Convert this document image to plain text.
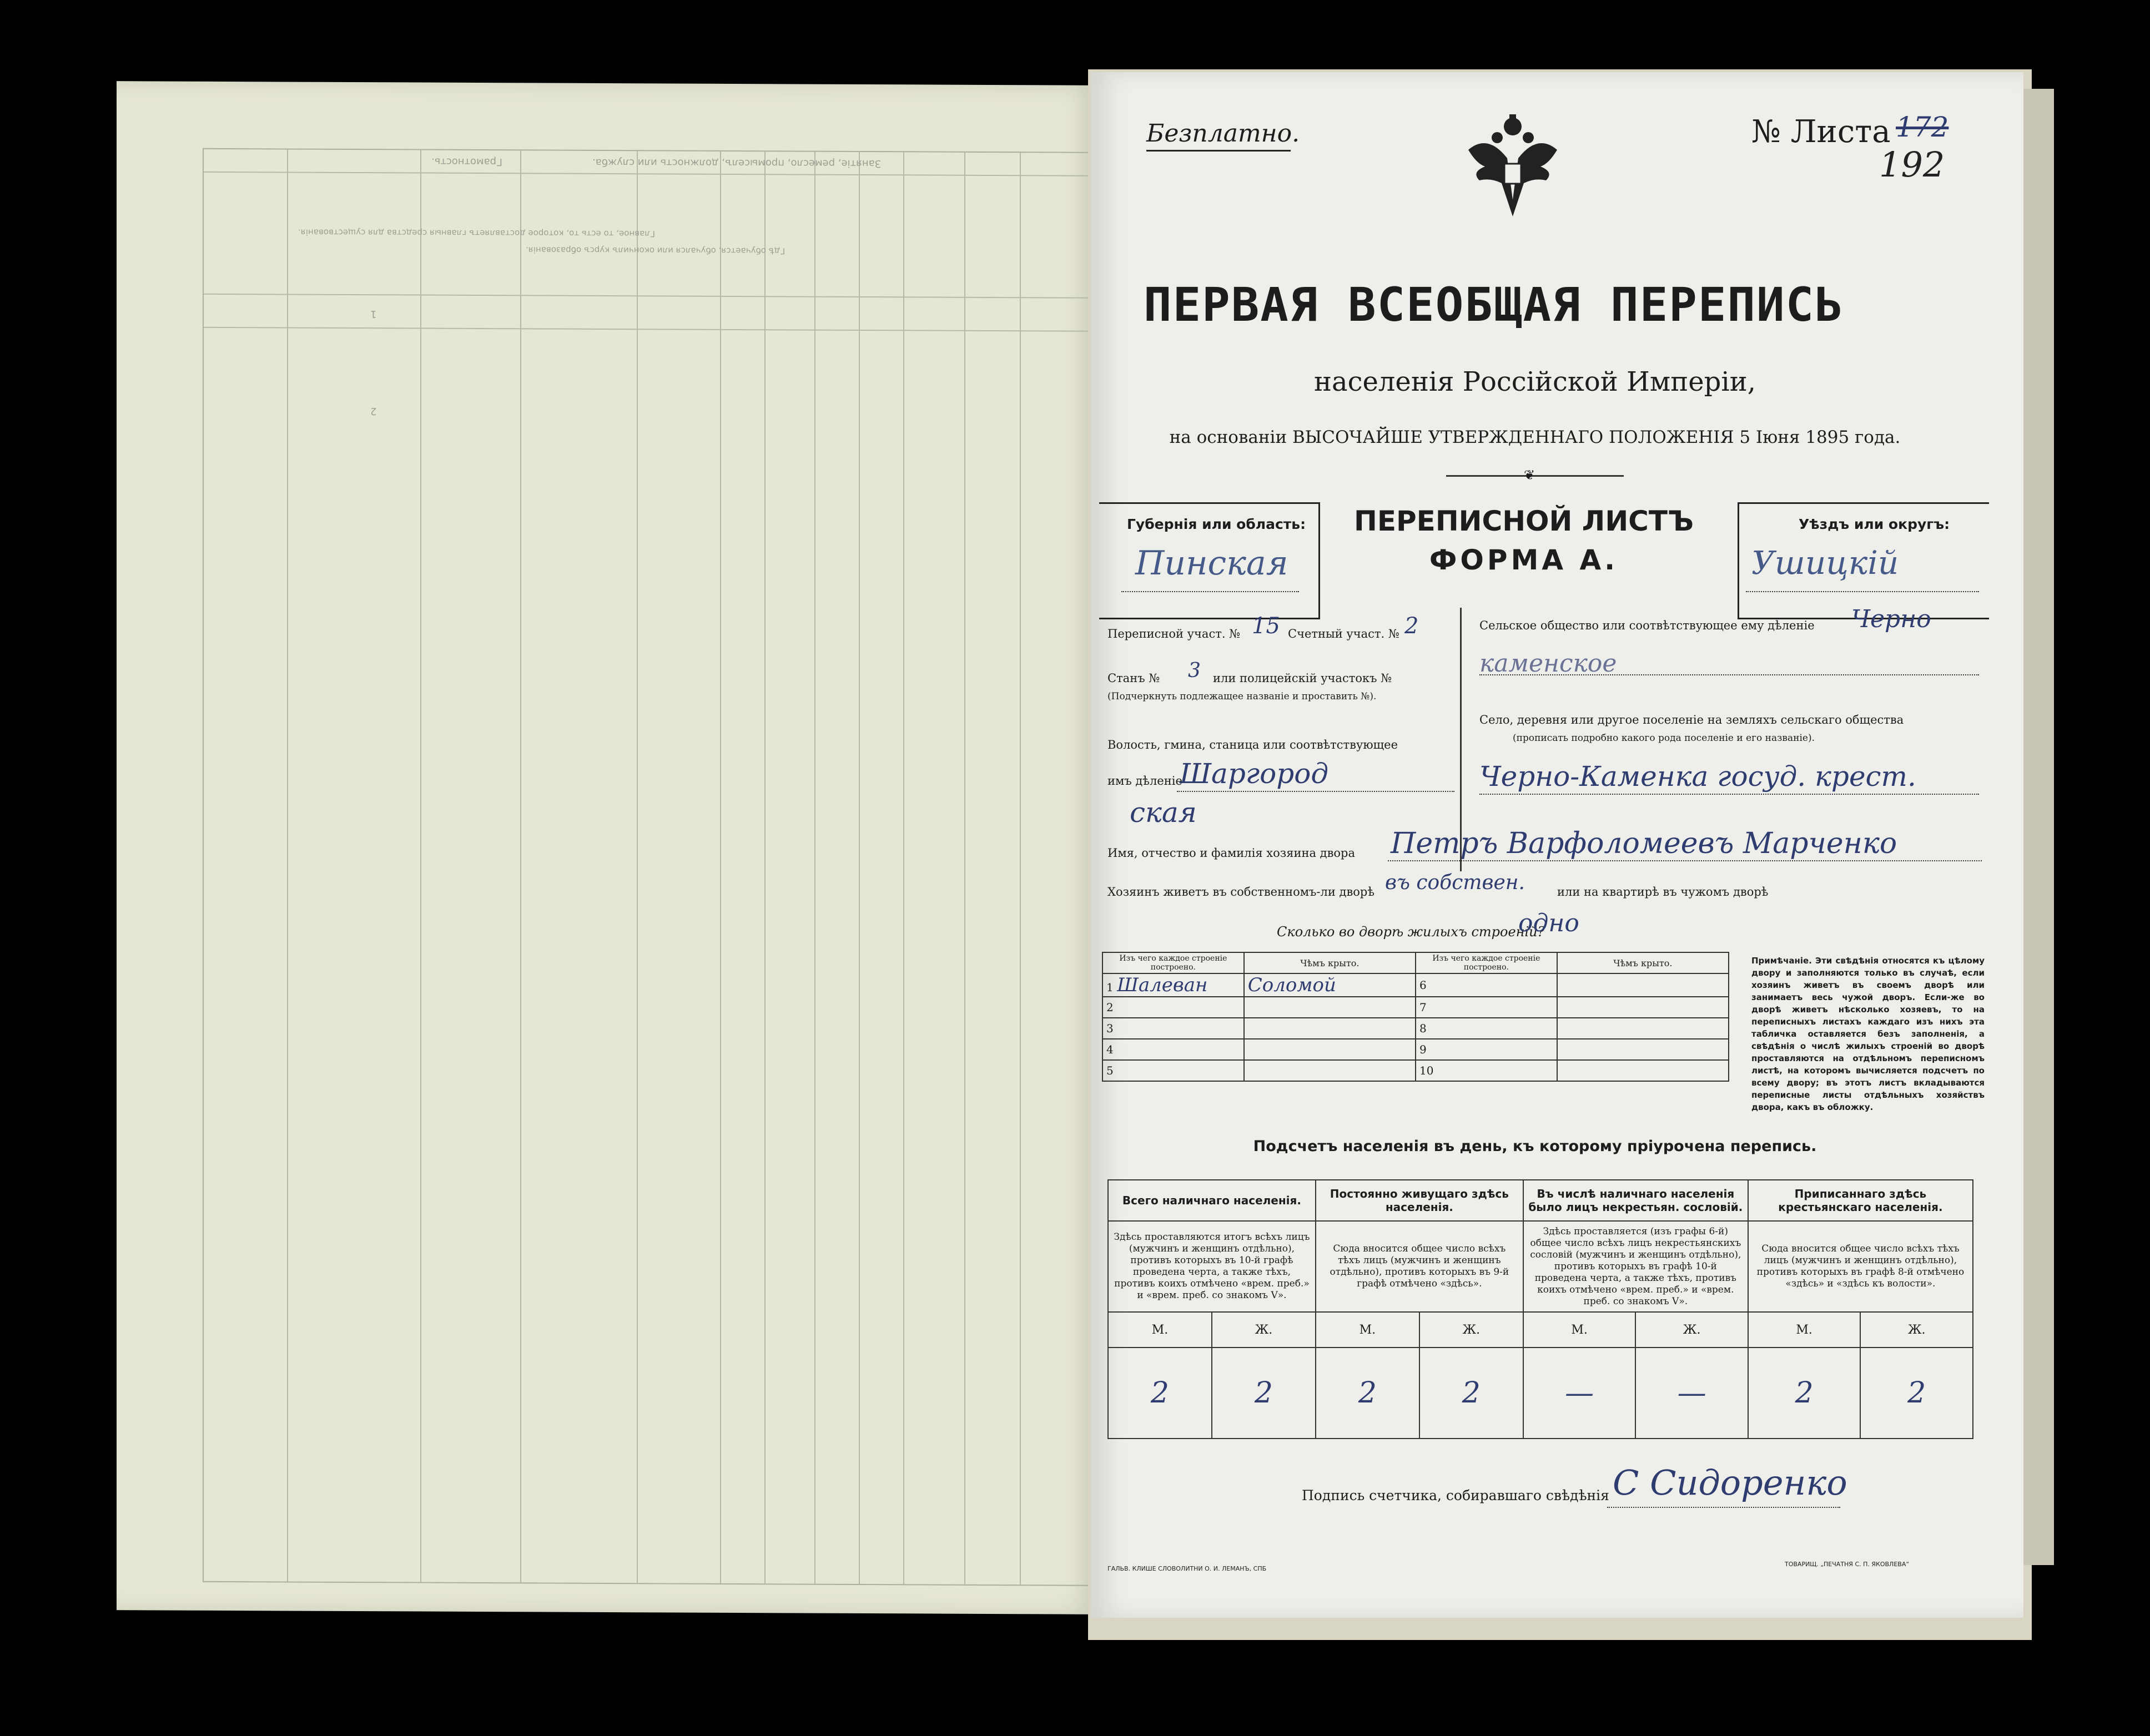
Занятіе, ремесло, промыселъ, должность или служба.
Грамотность.
Главное, то есть то, которое доставляетъ главныя средства для существованія.
Гдѣ обучается, обучался или окончилъ курсъ образованія.
1
2
Безплатно.	№ Листа 172
192
ПЕРВАЯ ВСЕОБЩАЯ ПЕРЕПИСЬ
населенія Россійской Имперіи,
на основаніи ВЫСОЧАЙШЕ УТВЕРЖДЕННАГО ПОЛОЖЕНІЯ 5 Іюня 1895 года.
❦
Губернія или область:
Пинская
ПЕРЕПИСНОЙ ЛИСТЪ
ФОРМА А.
Уѣздъ или округъ:
Ушицкій
Переписной участ. № 15 Счетный участ. № 2
Станъ № 3 или полицейскій участокъ №
(Подчеркнуть подлежащее названіе и проставить №).
Волость, гмина, станица или соотвѣтствующее
имъ дѣленіе
Шаргород
ская
Сельское общество или соотвѣтствующее ему дѣленіе Черно
каменское
Село, деревня или другое поселеніе на земляхъ сельскаго общества
(прописать подробно какого рода поселеніе и его названіе).
Черно-Каменка госуд. крест.
Имя, отчество и фамилія хозяина двора Петръ Варфоломеевъ Марченко
Хозяинъ живетъ въ собственномъ-ли дворѣ въ собствен.	или на квартирѣ въ чужомъ дворѣ
Сколько во дворѣ жилыхъ строеній?
одно
Изъ чего каждое строеніе построено.	Чѣмъ крыто.	Изъ чего каждое строеніе построено.	Чѣмъ крыто.
1 Шалеван	Соломой	6	
2		7	
3		8	
4		9	
5		10	
Примѣчаніе. Эти свѣдѣнія относятся къ цѣлому двору и заполняются только въ случаѣ, если хозяинъ живетъ въ своемъ дворѣ или занимаетъ весь чужой дворъ. Если-же во дворѣ живетъ нѣсколько хозяевъ, то на переписныхъ листахъ каждаго изъ нихъ эта табличка оставляется безъ заполненія, а свѣдѣнія о числѣ жилыхъ строеній во дворѣ проставляются на отдѣльномъ переписномъ листѣ, на которомъ вычисляется подсчетъ по всему двору; въ этотъ листъ вкладываются переписные листы отдѣльныхъ хозяйствъ двора, какъ въ обложку.
Подсчетъ населенія въ день, къ которому пріурочена перепись.
Всего наличнаго населенія.		Постоянно живущаго здѣсь населенія.		Въ числѣ наличнаго населенія было лицъ некрестьян. сословій.		Приписаннаго здѣсь крестьянскаго населенія.	
Здѣсь проставляются итогъ всѣхъ лицъ (мужчинъ и женщинъ отдѣльно), противъ которыхъ въ 10-й графѣ проведена черта, а также тѣхъ, противъ коихъ отмѣчено «врем. преб.» и «врем. преб. со знакомъ V».		Сюда вносится общее число всѣхъ тѣхъ лицъ (мужчинъ и женщинъ отдѣльно), противъ которыхъ въ 9-й графѣ отмѣчено «здѣсь».		Здѣсь проставляется (изъ графы 6-й) общее число всѣхъ лицъ некрестьянскихъ сословій (мужчинъ и женщинъ отдѣльно), противъ которыхъ въ графѣ 10-й проведена черта, а также тѣхъ, противъ коихъ отмѣчено «врем. преб.» и «врем. преб. со знакомъ V».		Сюда вносится общее число всѣхъ тѣхъ лицъ (мужчинъ и женщинъ отдѣльно), противъ которыхъ въ графѣ 8-й отмѣчено «здѣсь» и «здѣсь къ волости».	
М.	Ж.	М.	Ж.	М.	Ж.	М.	Ж.
2	2	2	2	—	—	2	2
Подпись счетчика, собиравшаго свѣдѣнія С Сидоренко
ГАЛЬВ. КЛИШЕ СЛОВОЛИТНИ О. И. ЛЕМАНЪ, СПБ
ТОВАРИЩ. „ПЕЧАТНЯ С. П. ЯКОВЛЕВА“
